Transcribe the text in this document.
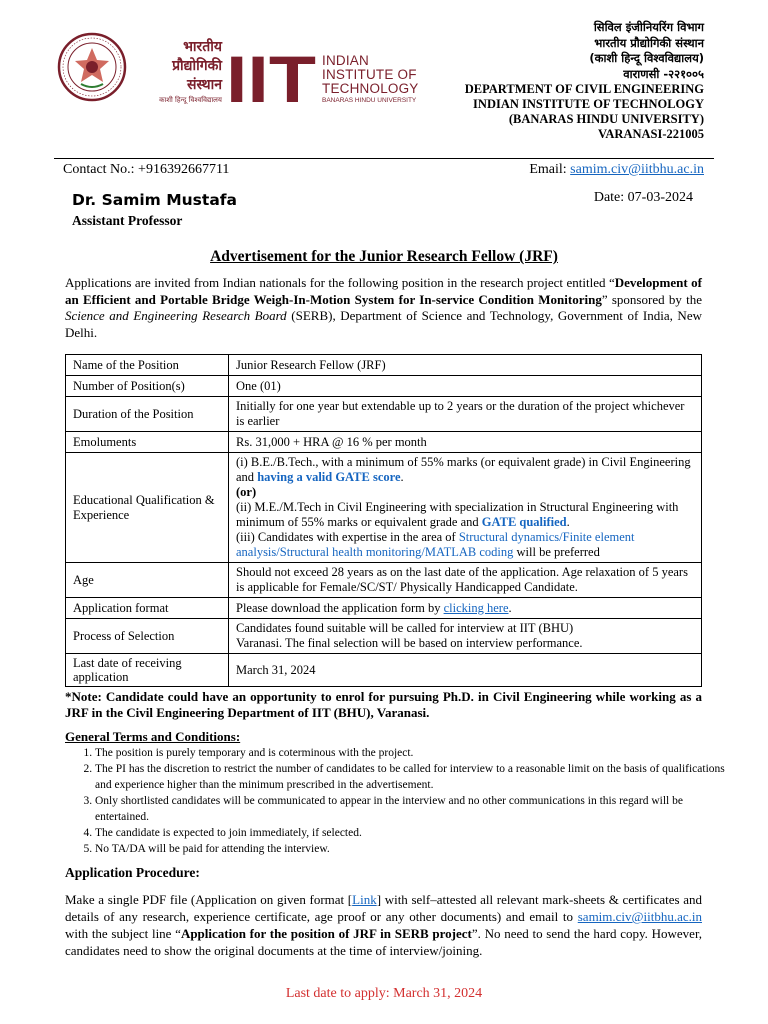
भारतीय
प्रौद्योगिकी
संस्थान
काशी हिन्दू विश्वविद्यालय IIT INDIAN
INSTITUTE OF
TECHNOLOGY
BANARAS HINDU UNIVERSITY
सिविल इंजीनियरिंग विभाग
भारतीय प्रौद्योगिकी संस्थान
(काशी हिन्दू विश्वविद्यालय)
वाराणसी -२२१००५
DEPARTMENT OF CIVIL ENGINEERING
INDIAN INSTITUTE OF TECHNOLOGY
(BANARAS HINDU UNIVERSITY)
VARANASI-221005
Contact No.: +916392667711	Email: samim.civ@iitbhu.ac.in
Dr. Samim Mustafa
Assistant Professor
Date: 07-03-2024
Advertisement for the Junior Research Fellow (JRF)
Applications are invited from Indian nationals for the following position in the research project entitled “Development of an Efficient and Portable Bridge Weigh-In-Motion System for In-service Condition Monitoring” sponsored by the Science and Engineering Research Board (SERB), Department of Science and Technology, Government of India, New Delhi.
Name of the Position	Junior Research Fellow (JRF)
Number of Position(s)	One (01)
Duration of the Position	Initially for one year but extendable up to 2 years or the duration of the project whichever is earlier
Emoluments	Rs. 31,000 + HRA @ 16 % per month
Educational Qualification & Experience	(i) B.E./B.Tech., with a minimum of 55% marks (or equivalent grade) in Civil Engineering and having a valid GATE score.
(or)
(ii) M.E./M.Tech in Civil Engineering with specialization in Structural Engineering with minimum of 55% marks or equivalent grade and GATE qualified.
(iii) Candidates with expertise in the area of Structural dynamics/Finite element analysis/Structural health monitoring/MATLAB coding will be preferred

Age	Should not exceed 28 years as on the last date of the application. Age relaxation of 5 years is applicable for Female/SC/ST/ Physically Handicapped Candidate.
Application format	Please download the application form by clicking here.
Process of Selection	Candidates found suitable will be called for interview at IIT (BHU)
Varanasi. The final selection will be based on interview performance.

Last date of receiving application	March 31, 2024
*Note: Candidate could have an opportunity to enrol for pursuing Ph.D. in Civil Engineering while working as a JRF in the Civil Engineering Department of IIT (BHU), Varanasi.
General Terms and Conditions:
1. The position is purely temporary and is coterminous with the project.
2. The PI has the discretion to restrict the number of candidates to be called for interview to a reasonable limit on the basis of qualifications and experience higher than the minimum prescribed in the advertisement.
3. Only shortlisted candidates will be communicated to appear in the interview and no other communications in this regard will be entertained.
4. The candidate is expected to join immediately, if selected.
5. No TA/DA will be paid for attending the interview.
Application Procedure:
Make a single PDF file (Application on given format [Link] with self–attested all relevant mark-sheets & certificates and details of any research, experience certificate, age proof or any other documents) and email to samim.civ@iitbhu.ac.in with the subject line “Application for the position of JRF in SERB project”. No need to send the hard copy. However, candidates need to show the original documents at the time of interview/joining.
Last date to apply: March 31, 2024
